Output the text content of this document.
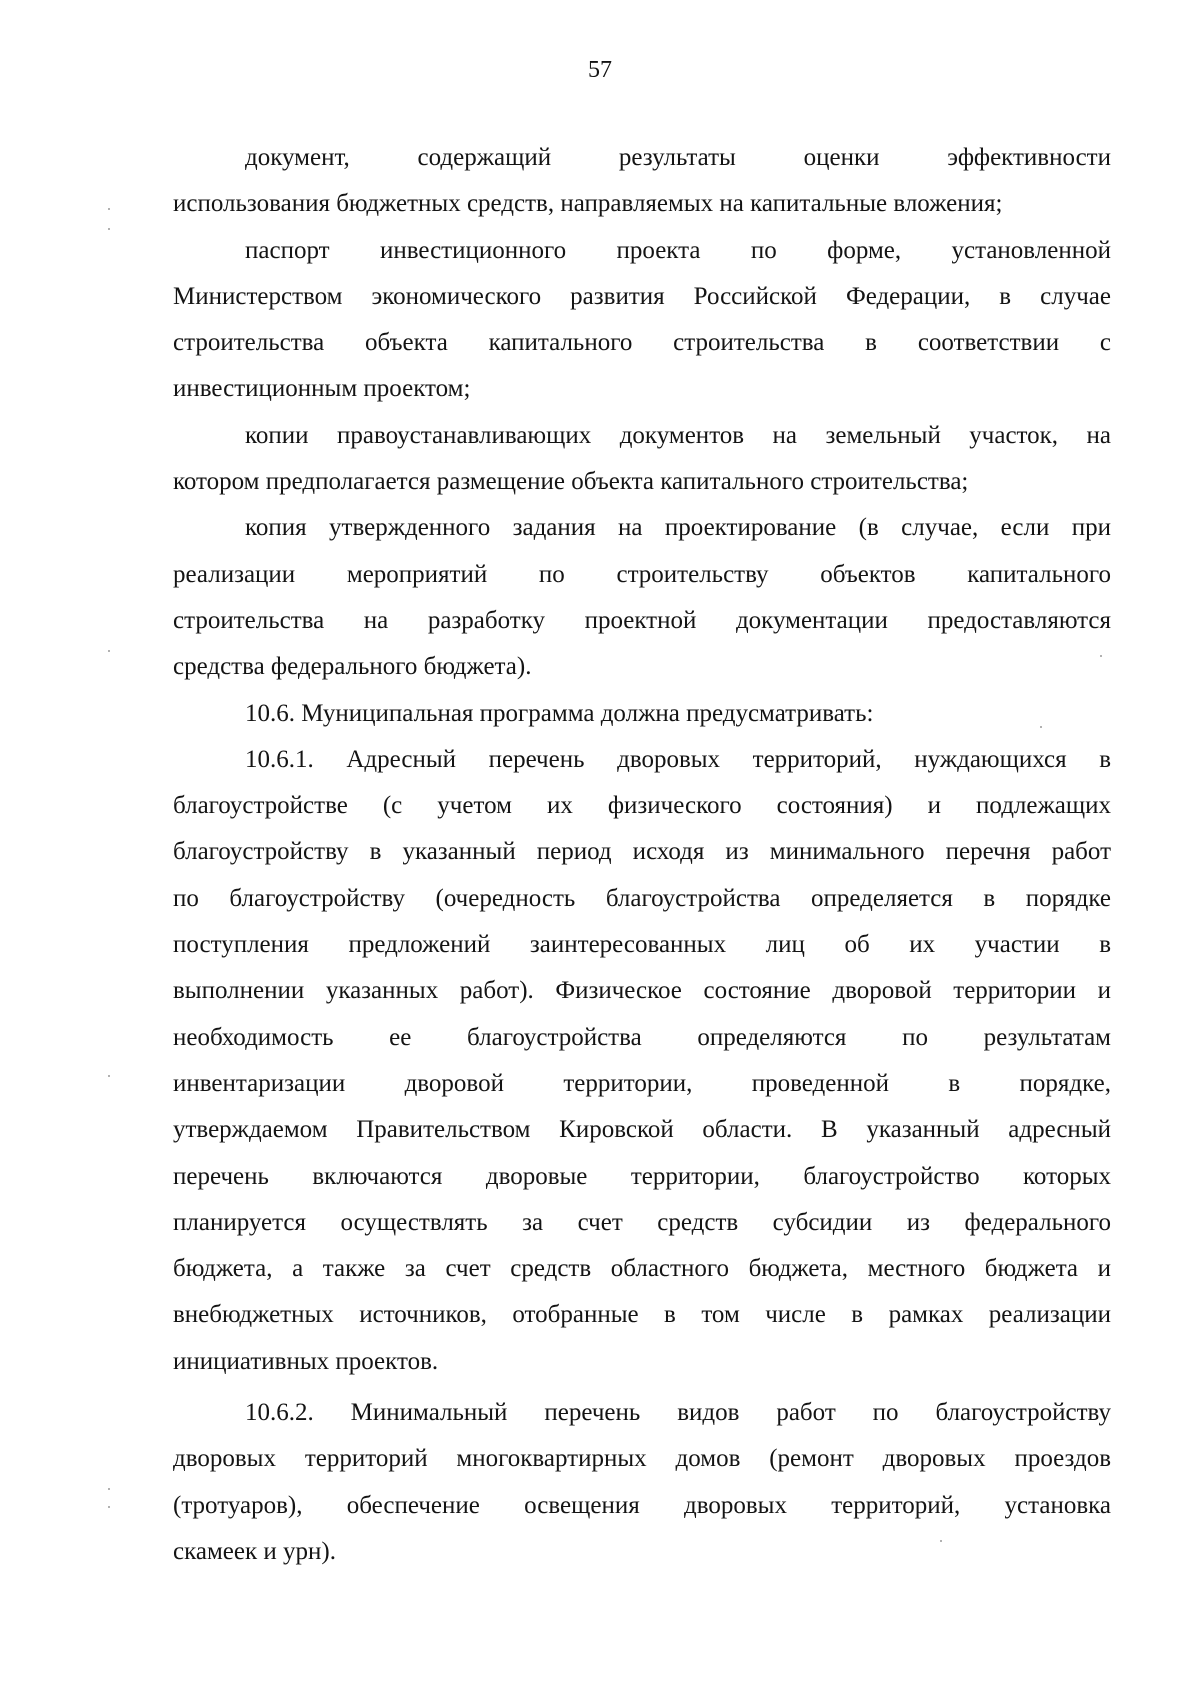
57

документ, содержащий результаты оценки эффективности
использования бюджетных средств, направляемых на капитальные вложения;

паспорт инвестиционного проекта по форме, установленной
Министерством экономического развития Российской Федерации, в случае
строительства объекта капитального строительства в соответствии с
инвестиционным проектом;

копии правоустанавливающих документов на земельный участок, на
котором предполагается размещение объекта капитального строительства;

копия утвержденного задания на проектирование (в случае, если при
реализации мероприятий по строительству объектов капитального
строительства на разработку проектной документации предоставляются
средства федерального бюджета).

10.6. Муниципальная программа должна предусматривать:

10.6.1. Адресный перечень дворовых территорий, нуждающихся в
благоустройстве (с учетом их физического состояния) и подлежащих
благоустройству в указанный период исходя из минимального перечня работ
по благоустройству (очередность благоустройства определяется в порядке
поступления предложений заинтересованных лиц об их участии в
выполнении указанных работ). Физическое состояние дворовой территории и
необходимость ее благоустройства определяются по результатам
инвентаризации дворовой территории, проведенной в порядке,
утверждаемом Правительством Кировской области. В указанный адресный
перечень включаются дворовые территории, благоустройство которых
планируется осуществлять за счет средств субсидии из федерального
бюджета, а также за счет средств областного бюджета, местного бюджета и
внебюджетных источников, отобранные в том числе в рамках реализации
инициативных проектов.

10.6.2. Минимальный перечень видов работ по благоустройству
дворовых территорий многоквартирных домов (ремонт дворовых проездов
(тротуаров), обеспечение освещения дворовых территорий, установка
скамеек и урн).
